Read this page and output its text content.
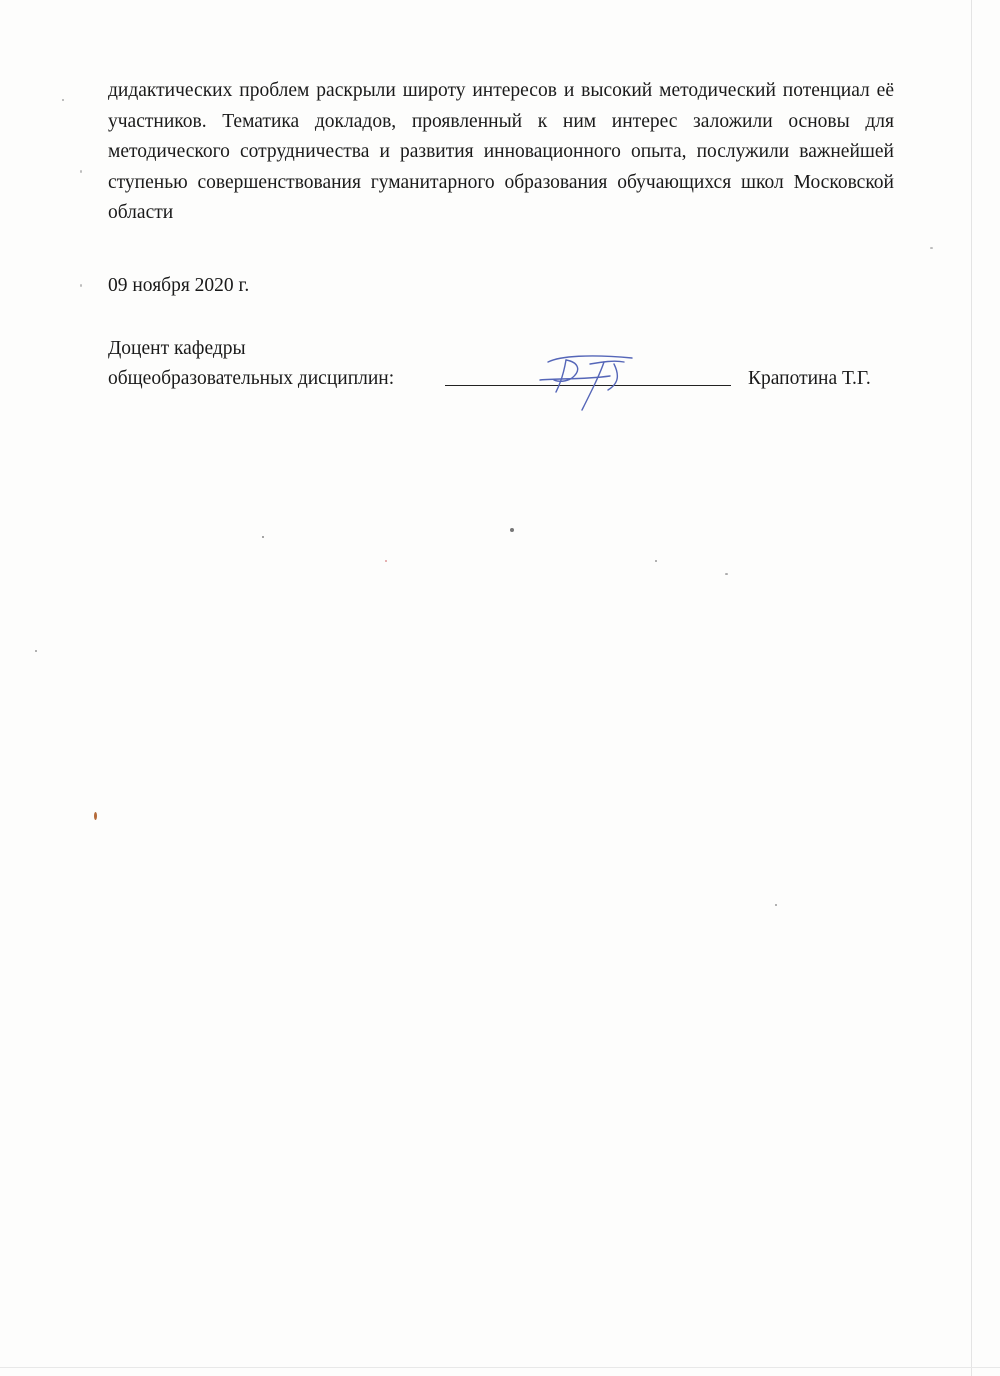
дидактических проблем раскрыли широту интересов и высокий методический потенциал её участников. Тематика докладов, проявленный к ним интерес заложили основы для методического сотрудничества и развития инновационного опыта, послужили важнейшей ступенью совершенствования гуманитарного образования обучающихся школ Московской области

09 ноября 2020 г.
Доцент кафедры
общеобразовательных дисциплин:	Крапотина Т.Г.
